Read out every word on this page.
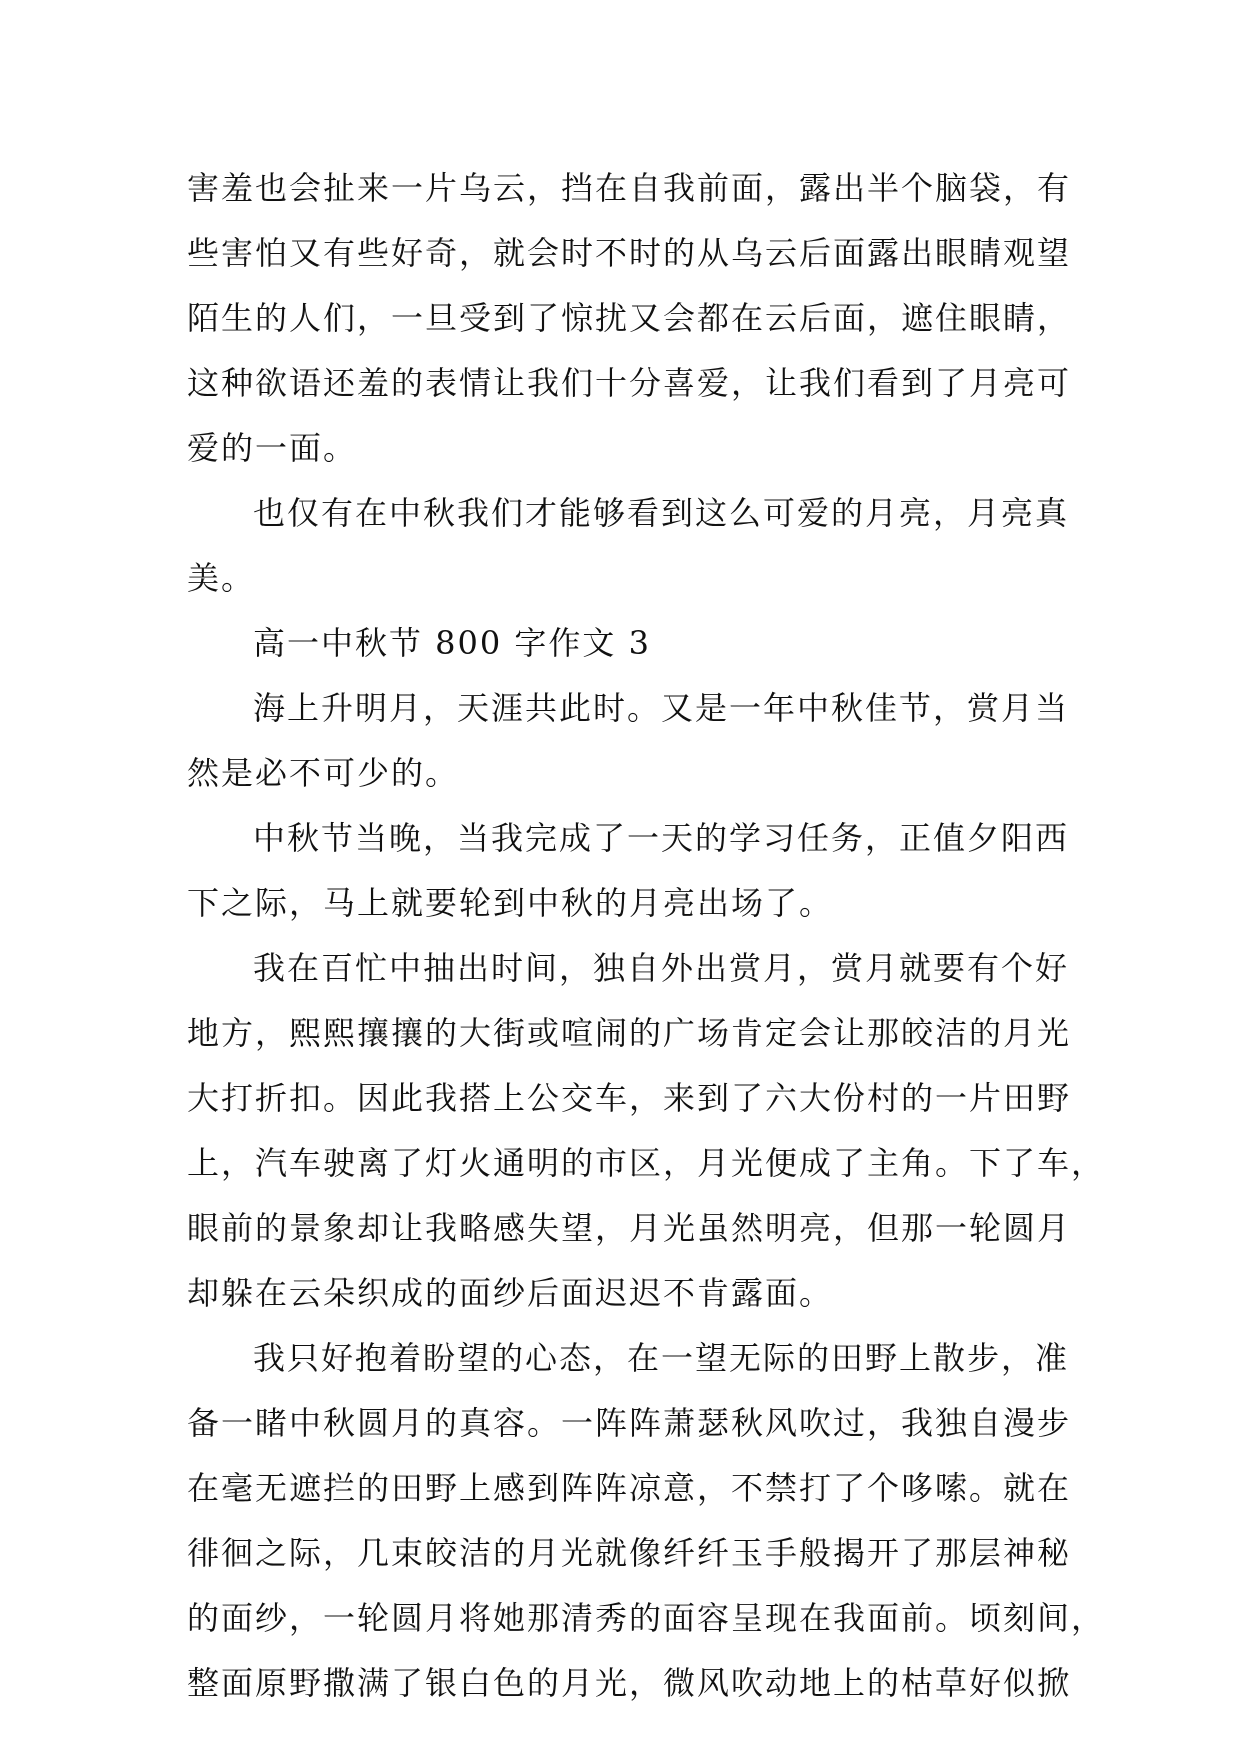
害羞也会扯来一片乌云，挡在自我前面，露出半个脑袋，有
些害怕又有些好奇，就会时不时的从乌云后面露出眼睛观望
陌生的人们，一旦受到了惊扰又会都在云后面，遮住眼睛，
这种欲语还羞的表情让我们十分喜爱，让我们看到了月亮可
爱的一面。
也仅有在中秋我们才能够看到这么可爱的月亮，月亮真
美。
高一中秋节 800 字作文 3
海上升明月，天涯共此时。又是一年中秋佳节，赏月当
然是必不可少的。
中秋节当晚，当我完成了一天的学习任务，正值夕阳西
下之际，马上就要轮到中秋的月亮出场了。
我在百忙中抽出时间，独自外出赏月，赏月就要有个好
地方，熙熙攘攘的大街或喧闹的广场肯定会让那皎洁的月光
大打折扣。因此我搭上公交车，来到了六大份村的一片田野
上，汽车驶离了灯火通明的市区，月光便成了主角。下了车，
眼前的景象却让我略感失望，月光虽然明亮，但那一轮圆月
却躲在云朵织成的面纱后面迟迟不肯露面。
我只好抱着盼望的心态，在一望无际的田野上散步，准
备一睹中秋圆月的真容。一阵阵萧瑟秋风吹过，我独自漫步
在毫无遮拦的田野上感到阵阵凉意，不禁打了个哆嗦。就在
徘徊之际，几束皎洁的月光就像纤纤玉手般揭开了那层神秘
的面纱，一轮圆月将她那清秀的面容呈现在我面前。顷刻间，
整面原野撒满了银白色的月光，微风吹动地上的枯草好似掀
